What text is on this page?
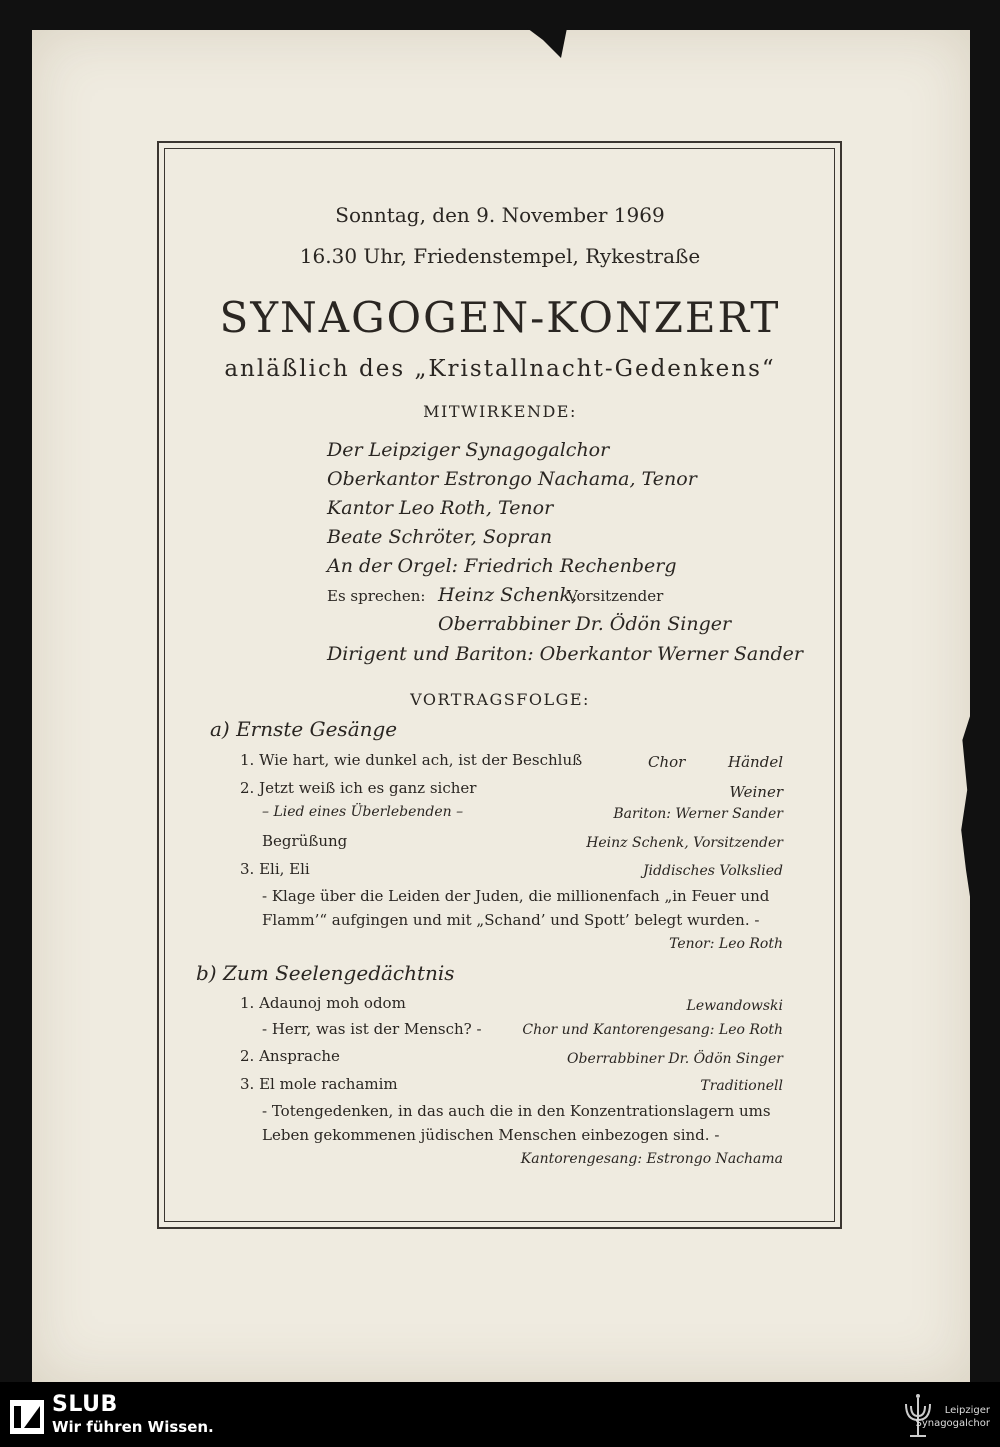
Sonntag, den 9. November 1969
16.30 Uhr, Friedenstempel, Rykestraße
SYNAGOGEN-KONZERT
anläßlich des „Kristallnacht-Gedenkens“
MITWIRKENDE:
Der Leipziger Synagogalchor
Oberkantor Estrongo Nachama, Tenor
Kantor Leo Roth, Tenor
Beate Schröter, Sopran
An der Orgel: Friedrich Rechenberg
Es sprechen: Heinz Schenk,
Vorsitzender
Oberrabbiner Dr. Ödön Singer
Dirigent und Bariton: Oberkantor Werner Sander
VORTRAGSFOLGE:
a) Ernste Gesänge
1. Wie hart, wie dunkel ach, ist der Beschluß	Chor	Händel
2. Jetzt weiß ich es ganz sicher	Weiner
– Lied eines Überlebenden –	Bariton: Werner Sander
Begrüßung	Heinz Schenk, Vorsitzender
3. Eli, Eli	Jiddisches Volkslied
- Klage über die Leiden der Juden, die millionenfach „in Feuer und
Flamm’“ aufgingen und mit „Schand’ und Spott’ belegt wurden. -
Tenor: Leo Roth
b) Zum Seelengedächtnis
1. Adaunoj moh odom	Lewandowski
- Herr, was ist der Mensch? -	Chor und Kantorengesang: Leo Roth
2. Ansprache	Oberrabbiner Dr. Ödön Singer
3. El mole rachamim	Traditionell
- Totengedenken, in das auch die in den Konzentrationslagern ums
Leben gekommenen jüdischen Menschen einbezogen sind. -
Kantorengesang: Estrongo Nachama
SLUB
Wir führen Wissen.
Leipziger
Synagogalchor
